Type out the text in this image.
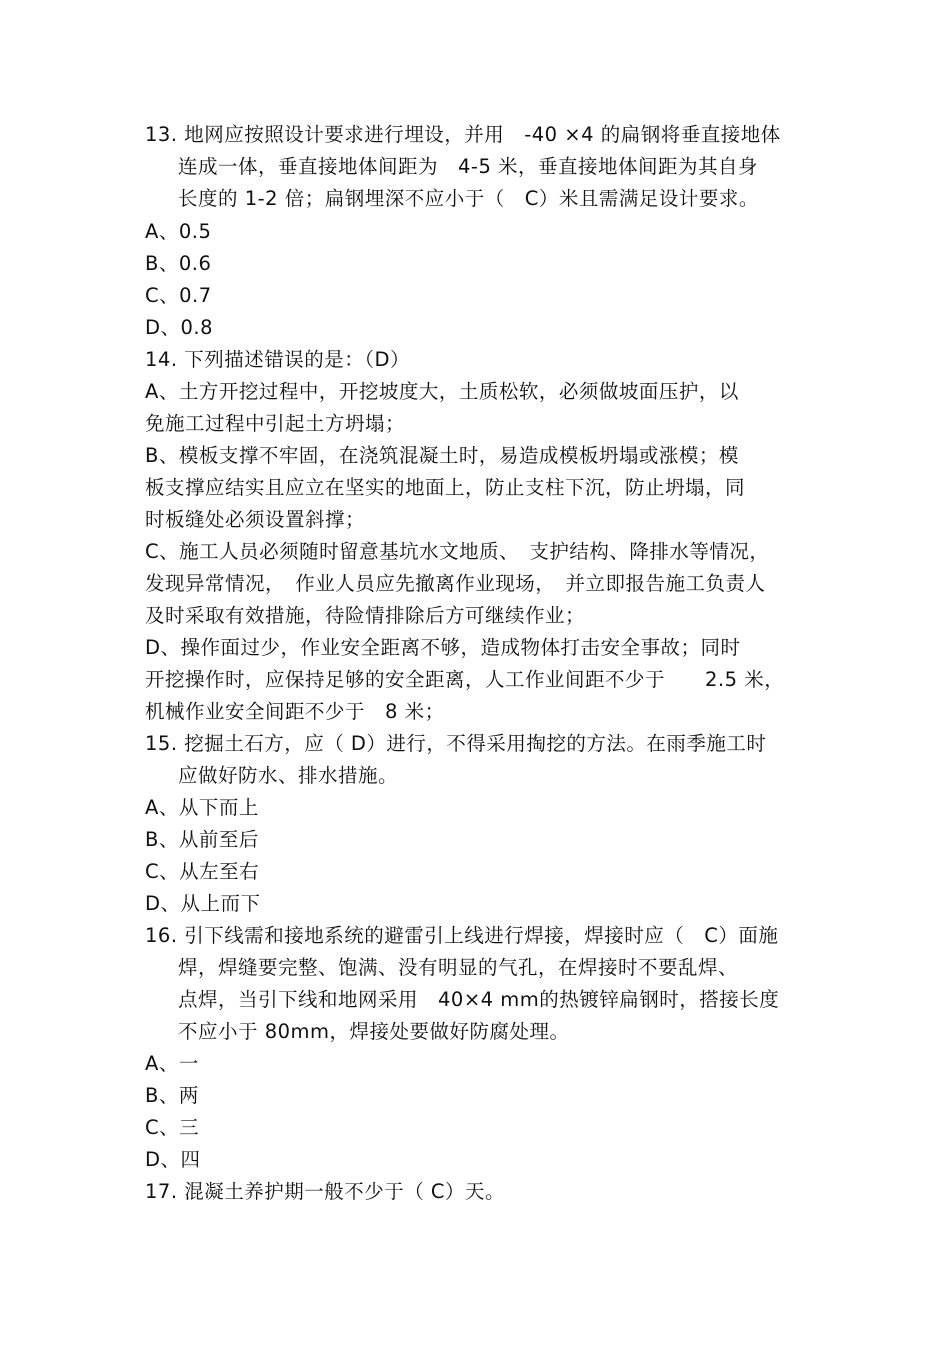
13. 地网应按照设计要求进行埋设，并用　-40 ×4 的扁钢将垂直接地体
连成一体，垂直接地体间距为　4-5 米，垂直接地体间距为其自身
长度的 1-2 倍；扁钢埋深不应小于（　C）米且需满足设计要求。
A、0.5
B、0.6
C、0.7
D、0.8
14. 下列描述错误的是：（D）
A、土方开挖过程中，开挖坡度大，土质松软，必须做坡面压护，以
免施工过程中引起土方坍塌；
B、模板支撑不牢固，在浇筑混凝土时，易造成模板坍塌或涨模；模
板支撑应结实且应立在坚实的地面上，防止支柱下沉，防止坍塌，同
时板缝处必须设置斜撑；
C、施工人员必须随时留意基坑水文地质、　支护结构、降排水等情况，
发现异常情况，　作业人员应先撤离作业现场，　并立即报告施工负责人
及时采取有效措施，待险情排除后方可继续作业；
D、操作面过少，作业安全距离不够，造成物体打击安全事故；同时
开挖操作时，应保持足够的安全距离，人工作业间距不少于　　2.5 米，
机械作业安全间距不少于　8 米；
15. 挖掘土石方，应（ D）进行，不得采用掏挖的方法。在雨季施工时
应做好防水、排水措施。
A、从下而上
B、从前至后
C、从左至右
D、从上而下
16. 引下线需和接地系统的避雷引上线进行焊接，焊接时应（　C）面施
焊，焊缝要完整、饱满、没有明显的气孔，在焊接时不要乱焊、
点焊，当引下线和地网采用　40×4 mm的热镀锌扁钢时，搭接长度
不应小于 80mm，焊接处要做好防腐处理。
A、一
B、两
C、三
D、四
17. 混凝土养护期一般不少于（ C）天。
